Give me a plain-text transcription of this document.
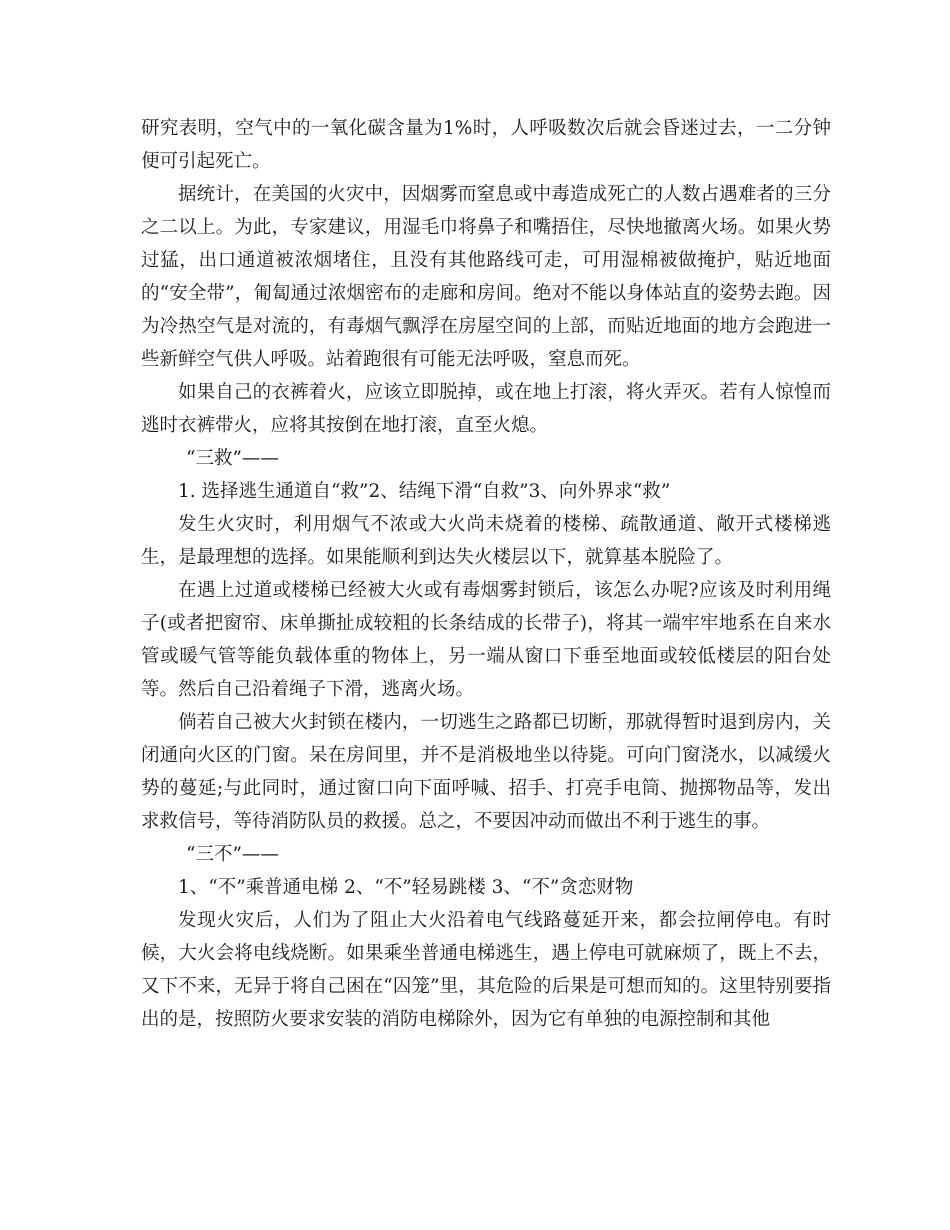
研究表明，空气中的一氧化碳含量为1%时，人呼吸数次后就会昏迷过去，一二分钟便可引起死亡。

据统计，在美国的火灾中，因烟雾而窒息或中毒造成死亡的人数占遇难者的三分之二以上。为此，专家建议，用湿毛巾将鼻子和嘴捂住，尽快地撤离火场。如果火势过猛，出口通道被浓烟堵住，且没有其他路线可走，可用湿棉被做掩护，贴近地面的“安全带”，匍匐通过浓烟密布的走廊和房间。绝对不能以身体站直的姿势去跑。因为冷热空气是对流的，有毒烟气飘浮在房屋空间的上部，而贴近地面的地方会跑进一些新鲜空气供人呼吸。站着跑很有可能无法呼吸，窒息而死。

如果自己的衣裤着火，应该立即脱掉，或在地上打滚，将火弄灭。若有人惊惶而逃时衣裤带火，应将其按倒在地打滚，直至火熄。

“三救”——

1. 选择逃生通道自“救”2、结绳下滑“自救”3、向外界求“救”

发生火灾时，利用烟气不浓或大火尚未烧着的楼梯、疏散通道、敞开式楼梯逃生，是最理想的选择。如果能顺利到达失火楼层以下，就算基本脱险了。

在遇上过道或楼梯已经被大火或有毒烟雾封锁后，该怎么办呢?应该及时利用绳子(或者把窗帘、床单撕扯成较粗的长条结成的长带子)，将其一端牢牢地系在自来水管或暖气管等能负载体重的物体上，另一端从窗口下垂至地面或较低楼层的阳台处等。然后自己沿着绳子下滑，逃离火场。

倘若自己被大火封锁在楼内，一切逃生之路都已切断，那就得暂时退到房内，关闭通向火区的门窗。呆在房间里，并不是消极地坐以待毙。可向门窗浇水，以减缓火势的蔓延;与此同时，通过窗口向下面呼喊、招手、打亮手电筒、抛掷物品等，发出求救信号，等待消防队员的救援。总之，不要因冲动而做出不利于逃生的事。

“三不”——

1、“不”乘普通电梯 2、“不”轻易跳楼 3、“不”贪恋财物

发现火灾后，人们为了阻止大火沿着电气线路蔓延开来，都会拉闸停电。有时候，大火会将电线烧断。如果乘坐普通电梯逃生，遇上停电可就麻烦了，既上不去，又下不来，无异于将自己困在“囚笼”里，其危险的后果是可想而知的。这里特别要指出的是，按照防火要求安装的消防电梯除外，因为它有单独的电源控制和其他
